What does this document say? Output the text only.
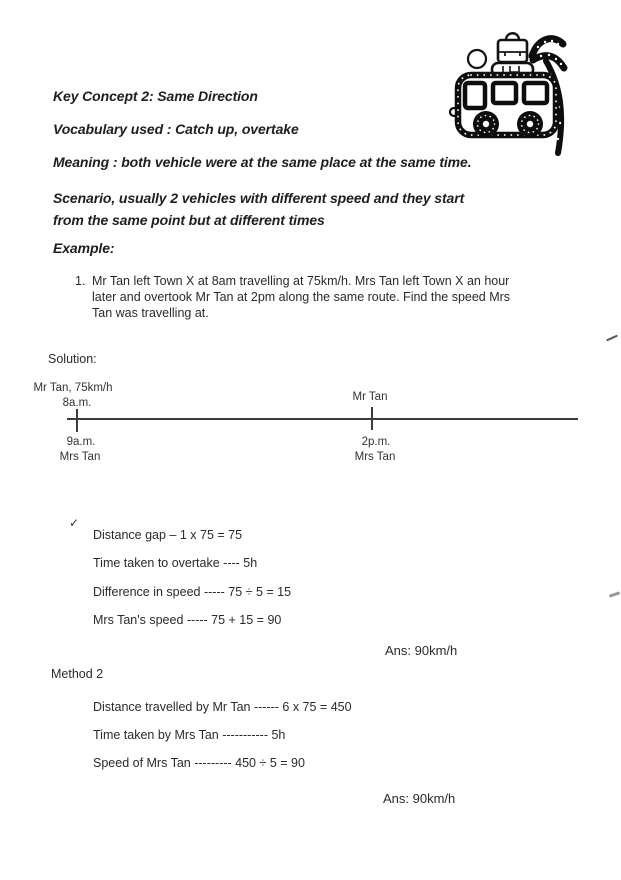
Key Concept 2: Same Direction
Vocabulary used : Catch up, overtake
Meaning : both vehicle were at the same place at the same time.
Scenario, usually 2 vehicles with different speed and they start
from the same point but at different times
Example:
1. Mr Tan left Town X at 8am travelling at 75km/h. Mrs Tan left Town X an hour
later and overtook Mr Tan at 2pm along the same route. Find the speed Mrs
Tan was travelling at.
Solution:
Mr Tan, 75km/h
8a.m.	Mr Tan
9a.m.
Mrs Tan
2p.m.
Mrs Tan
✓
Distance gap – 1 x 75 = 75
Time taken to overtake ---- 5h
Difference in speed ----- 75 ÷ 5 = 15
Mrs Tan's speed ----- 75 + 15 = 90
Ans: 90km/h
Method 2
Distance travelled by Mr Tan ------ 6 x 75 = 450
Time taken by Mrs Tan ----------- 5h
Speed of Mrs Tan --------- 450 ÷ 5 = 90
Ans: 90km/h
